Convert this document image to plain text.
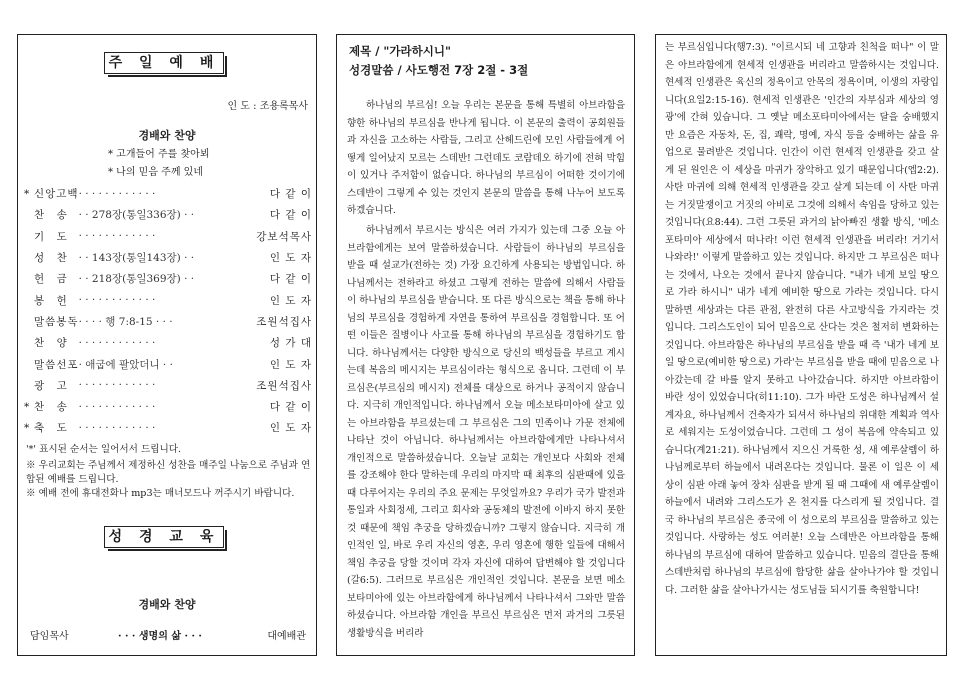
주 일 예 배
인 도 : 조용록목사
경배와 찬양
* 고개들어 주를 찾아뵈
* 나의 믿음 주께 있네
*	신앙고백	· · · · · · · · · · · ·	다 같 이
	찬　송	· · 278장(통일336장) · ·	다 같 이
	기　도	· · · · · · · · · · · ·	강보석목사
	성　찬	· · 143장(통일143장) · ·	인 도 자
	헌　금	· · 218장(통일369장) · ·	다 같 이
	봉　헌	· · · · · · · · · · · ·	인 도 자
	말씀봉독	· · · · 행 7:8-15 · · ·	조원석집사
	찬　양	· · · · · · · · · · · ·	성 가 대
	말씀선포	· 애굽에 팔았더니 · ·	인 도 자
	광　고	· · · · · · · · · · · ·	조원석집사
*	찬　송	· · · · · · · · · · · ·	다 같 이
*	축　도	· · · · · · · · · · · ·	인 도 자
'*' 표시된 순서는 일어서서 드립니다.
※ 우리교회는 주님께서 제정하신 성찬을 매주일 나눔으로 주님과 연합된 예배를 드립니다.
※ 예배 전에 휴대전화나 mp3는 매너모드나 꺼주시기 바랍니다.
성 경 교 육
경배와 찬양
담임목사	· · · 생명의 삶 · · ·	대예배관
제목 / "가라하시니"
성경말씀 / 사도행전 7장 2절 - 3절
하나님의 부르심! 오늘 우리는 본문을 통해 특별히 아브라함을 향한 하나님의 부르심을 반나게 됩니다. 이 본문의 출력이 공회원들과 자신을 고소하는 사람들, 그리고 산헤드린에 모인 사람들에게 어떻게 일어났지 모르는 스데반! 그런데도 코람데오 하기에 전혀 막힘이 있거나 주저함이 없습니다. 하나님의 부르심이 어떠한 것이기에 스데반이 그렇게 수 있는 것인지 본문의 말씀을 통해 나누어 보도록 하겠습니다.
하나님께서 부르시는 방식은 여러 가지가 있는데 그중 오늘 아브라함에게는 보여 말씀하셨습니다. 사람들이 하나님의 부르심을 받을 때 설교가(전하는 것) 가장 요긴하게 사용되는 방법입니다. 하나님께서는 전하라고 하셨고 그렇게 전하는 말씀에 의해서 사람들이 하나님의 부르심을 받습니다. 또 다른 방식으로는 책을 통해 하나님의 부르심을 경험하게 자연을 통하여 부르심을 경험합니다. 또 어떤 이들은 질병이나 사고를 통해 하나님의 부르심을 경험하기도 합니다. 하나님께서는 다양한 방식으로 당신의 백성들을 부르고 계시는데 복음의 메시지는 부르심이라는 형식으로 옵니다. 그런데 이 부르심은(부르심의 메시지) 전체를 대상으로 하거나 공적이지 않습니다. 지극히 개인적입니다. 하나님께서 오늘 메소보타미아에 살고 있는 아브라함을 부르셨는데 그 부르심은 그의 민족이나 가문 전체에 나타난 것이 아닙니다. 하나님께서는 아브라함에게만 나타나셔서 개인적으로 말씀하셨습니다. 오늘날 교회는 개인보다 사회와 전체를 강조해야 한다 말하는데 우리의 마지막 때 최후의 심판때에 있을 때 다루어지는 우리의 주요 문제는 무엇일까요? 우리가 국가 발전과 통일과 사회정세, 그리고 회사와 공동체의 발전에 이바지 하지 못한 것 때문에 책임 추궁을 당하겠습니까? 그렇지 않습니다. 지극히 개인적인 일, 바로 우리 자신의 영혼, 우리 영혼에 행한 일들에 대해서 책임 추궁을 당할 것이며 각자 자신에 대하여 답변해야 할 것입니다(갈6:5). 그러므로 부르심은 개인적인 것입니다. 본문을 보면 메소보타미아에 있는 아브라함에게 하나님께서 나타나셔서 그와만 말씀하셨습니다. 아브라함 개인을 부르신 부르심은 먼저 과거의 그릇된 생활방식을 버리라
는 부르심입니다(행7:3). "이르시되 네 고향과 친척을 떠나" 이 말은 아브라함에게 현세적 인생관을 버리라고 말씀하시는 것입니다. 현세적 인생관은 육신의 정욕이고 안목의 정욕이며, 이생의 자랑입니다(요일2:15-16). 현세적 인생관은 '인간의 자부심과 세상의 영광'에 간혀 있습니다. 그 옛날 메소포타미아에서는 달을 숭배했지만 요즘은 자동차, 돈, 집, 쾌락, 명예, 자식 등을 숭배하는 삶을 유업으로 물려받은 것입니다. 인간이 이런 현세적 인생관을 갖고 살게 된 원인은 이 세상을 마귀가 장악하고 있기 때문입니다(엡2:2). 사탄 마귀에 의해 현세적 인생관을 갖고 살게 되는데 이 사탄 마귀는 거짓말쟁이고 거짓의 아비로 그것에 의해서 속임을 당하고 있는 것입니다(요8:44). 그런 그릇된 과거의 낡아빠진 생활 방식, '메소포타미아 세상에서 떠나라! 이런 현세적 인생관을 버리라! 거기서 나와라!' 이렇게 말씀하고 있는 것입니다. 하지만 그 부르심은 떠나는 것에서, 나오는 것에서 끝나지 않습니다. "내가 네게 보일 땅으로 가라 하시니" 내가 네게 예비한 땅으로 가라는 것입니다. 다시 말하면 세상과는 다른 관점, 완전히 다른 사고방식을 가지라는 것입니다. 그리스도인이 되어 믿음으로 산다는 것은 철저히 변화하는 것입니다. 아브라함은 하나님의 부르심을 받을 때 즉 '내가 네게 보일 땅으로(예비한 땅으로) 가라'는 부르심을 받을 때에 믿음으로 나아갔는데 갈 바를 알지 못하고 나아갔습니다. 하지만 아브라함이 바란 성이 있었습니다(히11:10). 그가 바란 도성은 하나님께서 설계자요, 하나님께서 건축자가 되셔서 하나님의 위대한 계획과 역사로 세워지는 도성이었습니다. 그런데 그 성이 복음에 약속되고 있습니다(계21:21). 하나님께서 지으신 거룩한 성, 새 예루살렘이 하나님께로부터 하늘에서 내려온다는 것입니다. 물론 이 일은 이 세상이 심판 아래 놓여 장차 심판을 받게 될 때 그때에 새 예루살렘이 하늘에서 내려와 그리스도가 온 천지를 다스리게 될 것입니다. 결국 하나님의 부르심은 종국에 이 성으로의 부르심을 말씀하고 있는 것입니다. 사랑하는 성도 여러분! 오늘 스데반은 아브라함을 통해 하나님의 부르심에 대하여 말씀하고 있습니다. 믿음의 결단을 통해 스데반처럼 하나님의 부르심에 합당한 삶을 살아나가야 할 것입니다. 그러한 삶을 살아나가시는 성도님들 되시기를 축원합니다!
